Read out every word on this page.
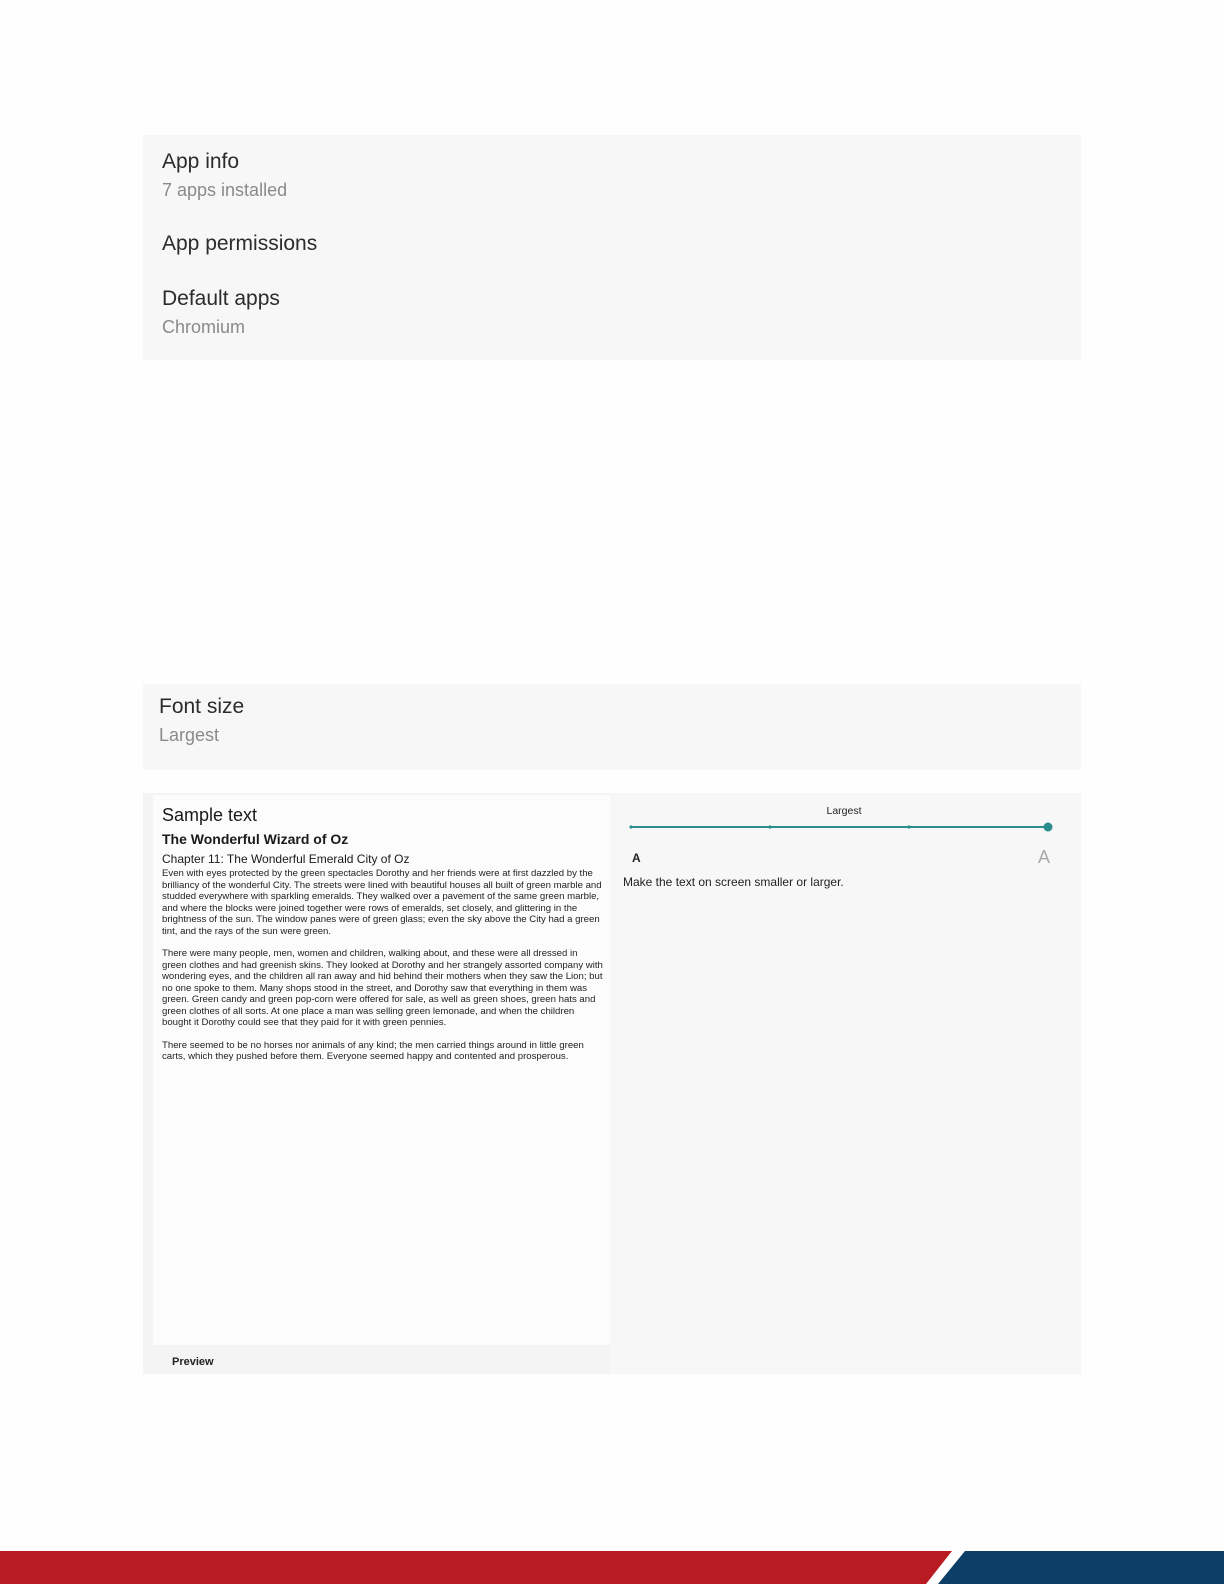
App info
7 apps installed
App permissions
Default apps
Chromium
Font size
Largest
Sample text
The Wonderful Wizard of Oz
Chapter 11: The Wonderful Emerald City of Oz

Even with eyes protected by the green spectacles Dorothy and her friends were at first dazzled by the brilliancy of the wonderful City. The streets were lined with beautiful houses all built of green marble and studded everywhere with sparkling emeralds. They walked over a pavement of the same green marble, and where the blocks were joined together were rows of emeralds, set closely, and glittering in the brightness of the sun. The window panes were of green glass; even the sky above the City had a green tint, and the rays of the sun were green.

There were many people, men, women and children, walking about, and these were all dressed in green clothes and had greenish skins. They looked at Dorothy and her strangely assorted company with wondering eyes, and the children all ran away and hid behind their mothers when they saw the Lion; but no one spoke to them. Many shops stood in the street, and Dorothy saw that everything in them was green. Green candy and green pop-corn were offered for sale, as well as green shoes, green hats and green clothes of all sorts. At one place a man was selling green lemonade, and when the children bought it Dorothy could see that they paid for it with green pennies.

There seemed to be no horses nor animals of any kind; the men carried things around in little green carts, which they pushed before them. Everyone seemed happy and contented and prosperous.

Preview
Largest
A	A
Make the text on screen smaller or larger.
